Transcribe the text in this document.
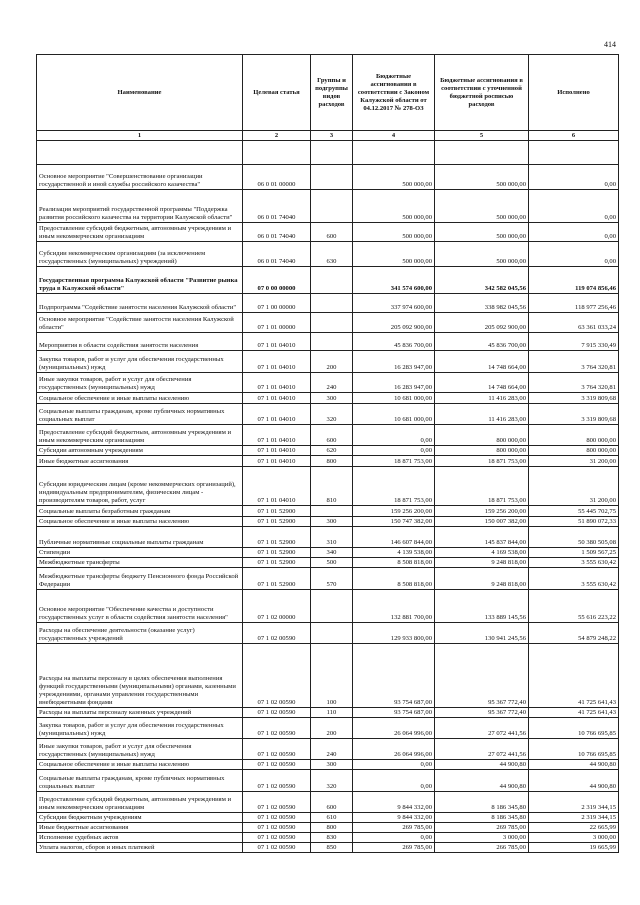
414
Наименование	Целевая статья	Группы и подгруппы видов расходов	Бюджетные ассигнования в соответствии с Законом Калужской области от 04.12.2017 № 278-ОЗ	Бюджетные ассигнования в соответствии с уточненной бюджетной росписью расходов	Исполнено
1	2	3	4	5	6

Основное мероприятие "Совершенствование организации государственной и иной службы российского казачества"	06 0 01 00000		500 000,00	500 000,00	0,00
Реализация мероприятий государственной программы "Поддержка развития российского казачества на территории Калужской области"	06 0 01 74040		500 000,00	500 000,00	0,00
Предоставление субсидий бюджетным, автономным учреждениям и иным некоммерческим организациям	06 0 01 74040	600	500 000,00	500 000,00	0,00
Субсидии некоммерческим организациям (за исключением государственных (муниципальных) учреждений)	06 0 01 74040	630	500 000,00	500 000,00	0,00
Государственная программа Калужской области "Развитие рынка труда в Калужской области"	07 0 00 00000		341 574 600,00	342 582 045,56	119 074 856,46
Подпрограмма "Содействие занятости населения Калужской области"	07 1 00 00000		337 974 600,00	338 982 045,56	118 977 256,46
Основное мероприятие "Содействие занятости населения Калужской области"	07 1 01 00000		205 092 900,00	205 092 900,00	63 361 033,24
Мероприятия в области содействия занятости населения	07 1 01 04010		45 836 700,00	45 836 700,00	7 915 330,49
Закупка товаров, работ и услуг для обеспечения государственных (муниципальных) нужд	07 1 01 04010	200	16 283 947,00	14 748 664,00	3 764 320,81
Иные закупки товаров, работ и услуг для обеспечения государственных (муниципальных) нужд	07 1 01 04010	240	16 283 947,00	14 748 664,00	3 764 320,81
Социальное обеспечение и иные выплаты населению	07 1 01 04010	300	10 681 000,00	11 416 283,00	3 319 809,68
Социальные выплаты гражданам, кроме публичных нормативных социальных выплат	07 1 01 04010	320	10 681 000,00	11 416 283,00	3 319 809,68
Предоставление субсидий бюджетным, автономным учреждениям и иным некоммерческим организациям	07 1 01 04010	600	0,00	800 000,00	800 000,00
Субсидии автономным учреждениям	07 1 01 04010	620	0,00	800 000,00	800 000,00
Иные бюджетные ассигнования	07 1 01 04010	800	18 871 753,00	18 871 753,00	31 200,00
Субсидии юридическим лицам (кроме некоммерческих организаций), индивидуальным предпринимателям, физическим лицам - производителям товаров, работ, услуг	07 1 01 04010	810	18 871 753,00	18 871 753,00	31 200,00
Социальные выплаты безработным гражданам	07 1 01 52900		159 256 200,00	159 256 200,00	55 445 702,75
Социальное обеспечение и иные выплаты населению	07 1 01 52900	300	150 747 382,00	150 007 382,00	51 890 072,33
Публичные нормативные социальные выплаты гражданам	07 1 01 52900	310	146 607 844,00	145 837 844,00	50 380 505,08
Стипендии	07 1 01 52900	340	4 139 538,00	4 169 538,00	1 509 567,25
Межбюджетные трансферты	07 1 01 52900	500	8 508 818,00	9 248 818,00	3 555 630,42
Межбюджетные трансферты бюджету Пенсионного фонда Российской Федерации	07 1 01 52900	570	8 508 818,00	9 248 818,00	3 555 630,42
Основное мероприятие "Обеспечение качества и доступности государственных услуг в области содействия занятости населения"	07 1 02 00000		132 881 700,00	133 889 145,56	55 616 223,22
Расходы на обеспечение деятельности (оказание услуг) государственных учреждений	07 1 02 00590		129 933 800,00	130 941 245,56	54 879 248,22
Расходы на выплаты персоналу в целях обеспечения выполнения функций государственными (муниципальными) органами, казенными учреждениями, органами управления государственными внебюджетными фондами	07 1 02 00590	100	93 754 687,00	95 367 772,40	41 725 641,43
Расходы на выплаты персоналу казенных учреждений	07 1 02 00590	110	93 754 687,00	95 367 772,40	41 725 641,43
Закупка товаров, работ и услуг для обеспечения государственных (муниципальных) нужд	07 1 02 00590	200	26 064 996,00	27 072 441,56	10 766 695,85
Иные закупки товаров, работ и услуг для обеспечения государственных (муниципальных) нужд	07 1 02 00590	240	26 064 996,00	27 072 441,56	10 766 695,85
Социальное обеспечение и иные выплаты населению	07 1 02 00590	300	0,00	44 900,80	44 900,80
Социальные выплаты гражданам, кроме публичных нормативных социальных выплат	07 1 02 00590	320	0,00	44 900,80	44 900,80
Предоставление субсидий бюджетным, автономным учреждениям и иным некоммерческим организациям	07 1 02 00590	600	9 844 332,00	8 186 345,80	2 319 344,15
Субсидии бюджетным учреждениям	07 1 02 00590	610	9 844 332,00	8 186 345,80	2 319 344,15
Иные бюджетные ассигнования	07 1 02 00590	800	269 785,00	269 785,00	22 665,99
Исполнение судебных актов	07 1 02 00590	830	0,00	3 000,00	3 000,00
Уплата налогов, сборов и иных платежей	07 1 02 00590	850	269 785,00	266 785,00	19 665,99
